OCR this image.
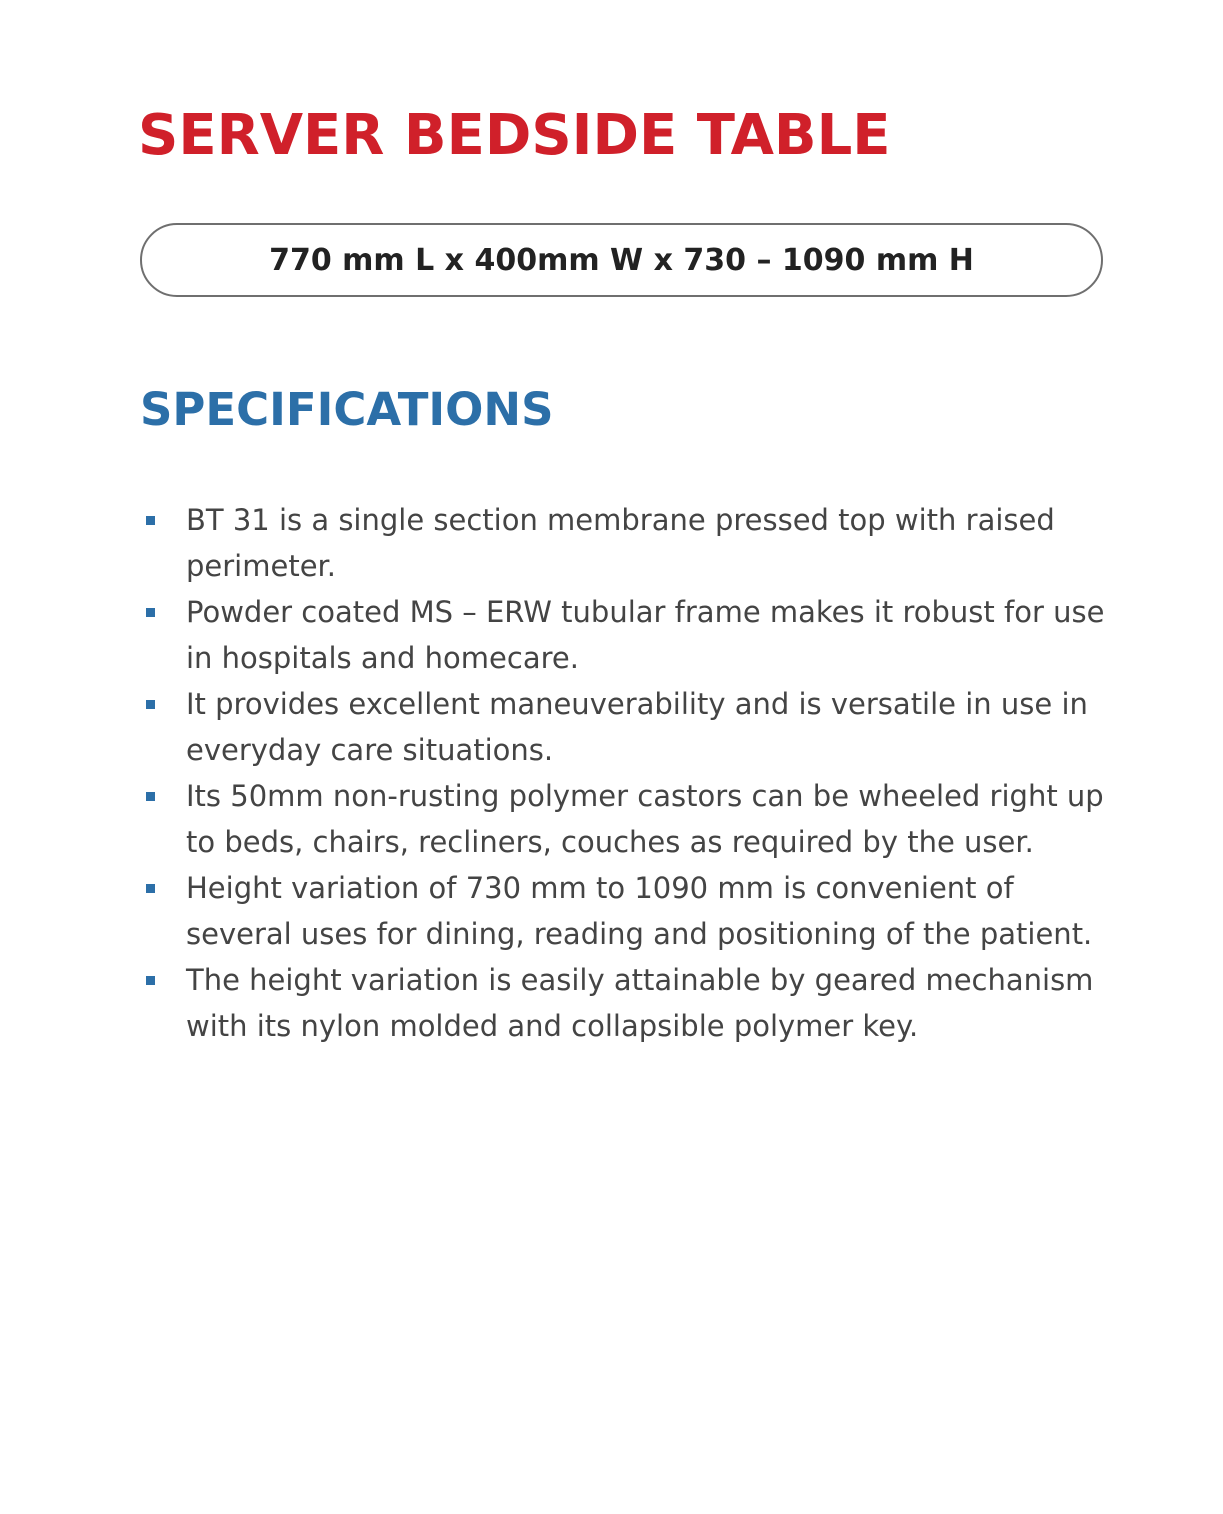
SERVER BEDSIDE TABLE
770 mm L x 400mm W x 730 – 1090 mm H
SPECIFICATIONS
BT 31 is a single section membrane pressed top with raised perimeter.
Powder coated MS – ERW tubular frame makes it robust for use in hospitals and homecare.
It provides excellent maneuverability and is versatile in use in everyday care situations.
Its 50mm non-rusting polymer castors can be wheeled right up to beds, chairs, recliners, couches as required by the user.
Height variation of 730 mm to 1090 mm is convenient of several uses for dining, reading and positioning of the patient.
The height variation is easily attainable by geared mechanism with its nylon molded and collapsible polymer key.
